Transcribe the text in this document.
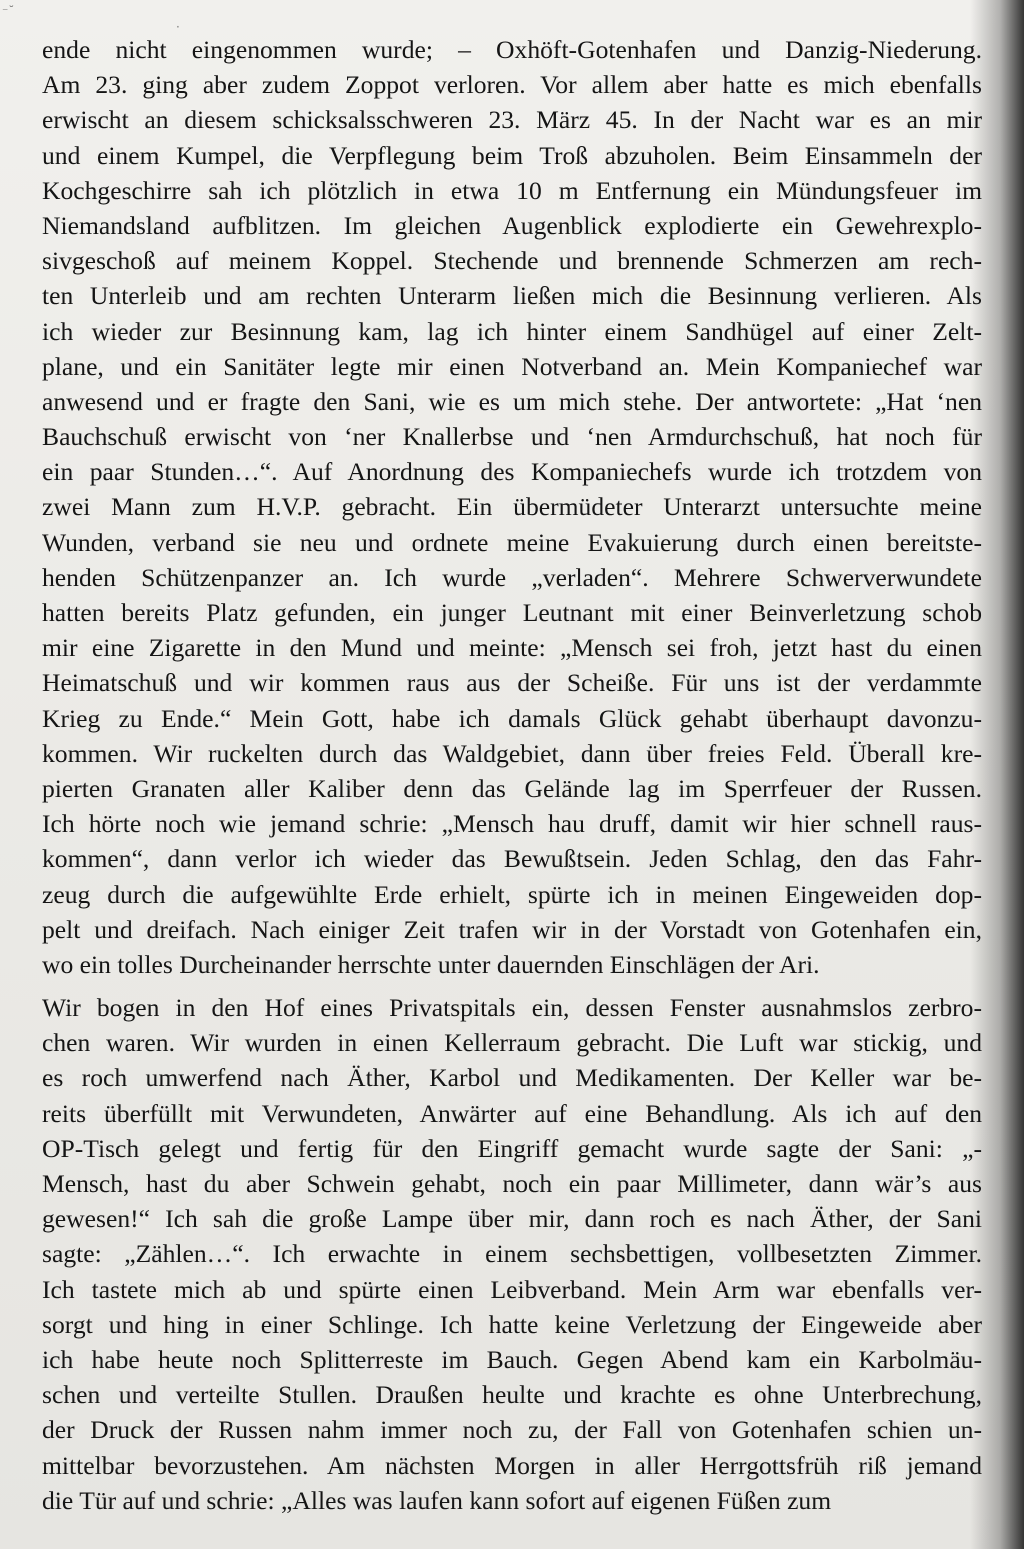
⁻˘
·
ende nicht eingenommen wurde; – Oxhöft-Gotenhafen und Danzig-Niederung.
Am 23. ging aber zudem Zoppot verloren. Vor allem aber hatte es mich ebenfalls
erwischt an diesem schicksalsschweren 23. März 45. In der Nacht war es an mir
und einem Kumpel, die Verpflegung beim Troß abzuholen. Beim Einsammeln der
Kochgeschirre sah ich plötzlich in etwa 10 m Entfernung ein Mündungsfeuer im
Niemandsland aufblitzen. Im gleichen Augenblick explodierte ein Gewehrexplo-
sivgeschoß auf meinem Koppel. Stechende und brennende Schmerzen am rech-
ten Unterleib und am rechten Unterarm ließen mich die Besinnung verlieren. Als
ich wieder zur Besinnung kam, lag ich hinter einem Sandhügel auf einer Zelt-
plane, und ein Sanitäter legte mir einen Notverband an. Mein Kompaniechef war
anwesend und er fragte den Sani, wie es um mich stehe. Der antwortete: „Hat ‘nen
Bauchschuß erwischt von ‘ner Knallerbse und ‘nen Armdurchschuß, hat noch für
ein paar Stunden…“. Auf Anordnung des Kompaniechefs wurde ich trotzdem von
zwei Mann zum H.V.P. gebracht. Ein übermüdeter Unterarzt untersuchte meine
Wunden, verband sie neu und ordnete meine Evakuierung durch einen bereitste-
henden Schützenpanzer an. Ich wurde „verladen“. Mehrere Schwerverwundete
hatten bereits Platz gefunden, ein junger Leutnant mit einer Beinverletzung schob
mir eine Zigarette in den Mund und meinte: „Mensch sei froh, jetzt hast du einen
Heimatschuß und wir kommen raus aus der Scheiße. Für uns ist der verdammte
Krieg zu Ende.“ Mein Gott, habe ich damals Glück gehabt überhaupt davonzu-
kommen. Wir ruckelten durch das Waldgebiet, dann über freies Feld. Überall kre-
pierten Granaten aller Kaliber denn das Gelände lag im Sperrfeuer der Russen.
Ich hörte noch wie jemand schrie: „Mensch hau druff, damit wir hier schnell raus-
kommen“, dann verlor ich wieder das Bewußtsein. Jeden Schlag, den das Fahr-
zeug durch die aufgewühlte Erde erhielt, spürte ich in meinen Eingeweiden dop-
pelt und dreifach. Nach einiger Zeit trafen wir in der Vorstadt von Gotenhafen ein,
wo ein tolles Durcheinander herrschte unter dauernden Einschlägen der Ari.
Wir bogen in den Hof eines Privatspitals ein, dessen Fenster ausnahmslos zerbro-
chen waren. Wir wurden in einen Kellerraum gebracht. Die Luft war stickig, und
es roch umwerfend nach Äther, Karbol und Medikamenten. Der Keller war be-
reits überfüllt mit Verwundeten, Anwärter auf eine Behandlung. Als ich auf den
OP-Tisch gelegt und fertig für den Eingriff gemacht wurde sagte der Sani: „-
Mensch, hast du aber Schwein gehabt, noch ein paar Millimeter, dann wär’s aus
gewesen!“ Ich sah die große Lampe über mir, dann roch es nach Äther, der Sani
sagte: „Zählen…“. Ich erwachte in einem sechsbettigen, vollbesetzten Zimmer.
Ich tastete mich ab und spürte einen Leibverband. Mein Arm war ebenfalls ver-
sorgt und hing in einer Schlinge. Ich hatte keine Verletzung der Eingeweide aber
ich habe heute noch Splitterreste im Bauch. Gegen Abend kam ein Karbolmäu-
schen und verteilte Stullen. Draußen heulte und krachte es ohne Unterbrechung,
der Druck der Russen nahm immer noch zu, der Fall von Gotenhafen schien un-
mittelbar bevorzustehen. Am nächsten Morgen in aller Herrgottsfrüh riß jemand
die Tür auf und schrie: „Alles was laufen kann sofort auf eigenen Füßen zum
